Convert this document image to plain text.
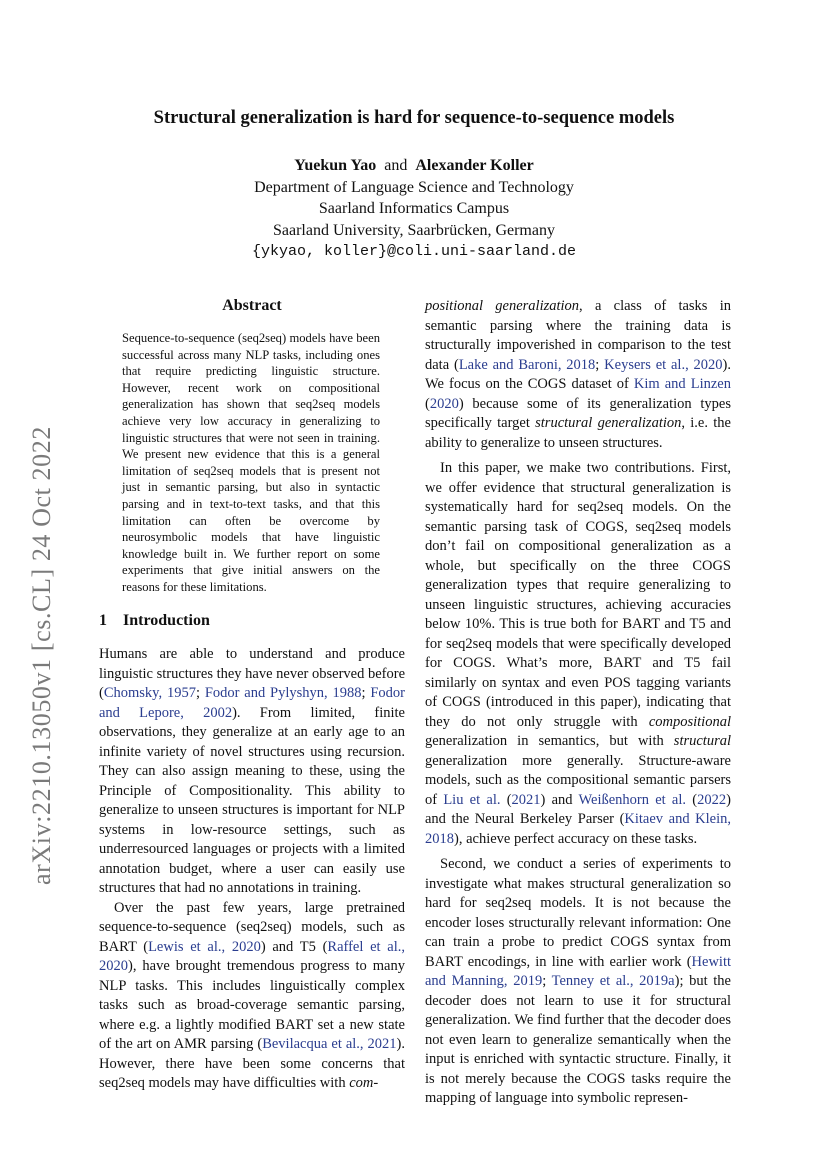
arXiv:2210.13050v1 [cs.CL] 24 Oct 2022
Structural generalization is hard for sequence-to-sequence models
Yuekun Yao and Alexander Koller
Department of Language Science and Technology
Saarland Informatics Campus
Saarland University, Saarbrücken, Germany
{ykyao, koller}@coli.uni-saarland.de
Abstract
Sequence-to-sequence (seq2seq) models have been successful across many NLP tasks, including ones that require predicting linguistic structure. However, recent work on compositional generalization has shown that seq2seq models achieve very low accuracy in generalizing to linguistic structures that were not seen in training. We present new evidence that this is a general limitation of seq2seq models that is present not just in semantic parsing, but also in syntactic parsing and in text-to-text tasks, and that this limitation can often be overcome by neurosymbolic models that have linguistic knowledge built in. We further report on some experiments that give initial answers on the reasons for these limitations.
1 Introduction

Humans are able to understand and produce linguistic structures they have never observed before (Chomsky, 1957; Fodor and Pylyshyn, 1988; Fodor and Lepore, 2002). From limited, finite observations, they generalize at an early age to an infinite variety of novel structures using recursion. They can also assign meaning to these, using the Principle of Compositionality. This ability to generalize to unseen structures is important for NLP systems in low-resource settings, such as underresourced languages or projects with a limited annotation budget, where a user can easily use structures that had no annotations in training.

Over the past few years, large pretrained sequence-to-sequence (seq2seq) models, such as BART (Lewis et al., 2020) and T5 (Raffel et al., 2020), have brought tremendous progress to many NLP tasks. This includes linguistically complex tasks such as broad-coverage semantic parsing, where e.g. a lightly modified BART set a new state of the art on AMR parsing (Bevilacqua et al., 2021). However, there have been some concerns that seq2seq models may have difficulties with com-

positional generalization, a class of tasks in semantic parsing where the training data is structurally impoverished in comparison to the test data (Lake and Baroni, 2018; Keysers et al., 2020). We focus on the COGS dataset of Kim and Linzen (2020) because some of its generalization types specifically target structural generalization, i.e. the ability to generalize to unseen structures.

In this paper, we make two contributions. First, we offer evidence that structural generalization is systematically hard for seq2seq models. On the semantic parsing task of COGS, seq2seq models don’t fail on compositional generalization as a whole, but specifically on the three COGS generalization types that require generalizing to unseen linguistic structures, achieving accuracies below 10%. This is true both for BART and T5 and for seq2seq models that were specifically developed for COGS. What’s more, BART and T5 fail similarly on syntax and even POS tagging variants of COGS (introduced in this paper), indicating that they do not only struggle with compositional generalization in semantics, but with structural generalization more generally. Structure-aware models, such as the compositional semantic parsers of Liu et al. (2021) and Weißenhorn et al. (2022) and the Neural Berkeley Parser (Kitaev and Klein, 2018), achieve perfect accuracy on these tasks.

Second, we conduct a series of experiments to investigate what makes structural generalization so hard for seq2seq models. It is not because the encoder loses structurally relevant information: One can train a probe to predict COGS syntax from BART encodings, in line with earlier work (Hewitt and Manning, 2019; Tenney et al., 2019a); but the decoder does not learn to use it for structural generalization. We find further that the decoder does not even learn to generalize semantically when the input is enriched with syntactic structure. Finally, it is not merely because the COGS tasks require the mapping of language into symbolic represen-
